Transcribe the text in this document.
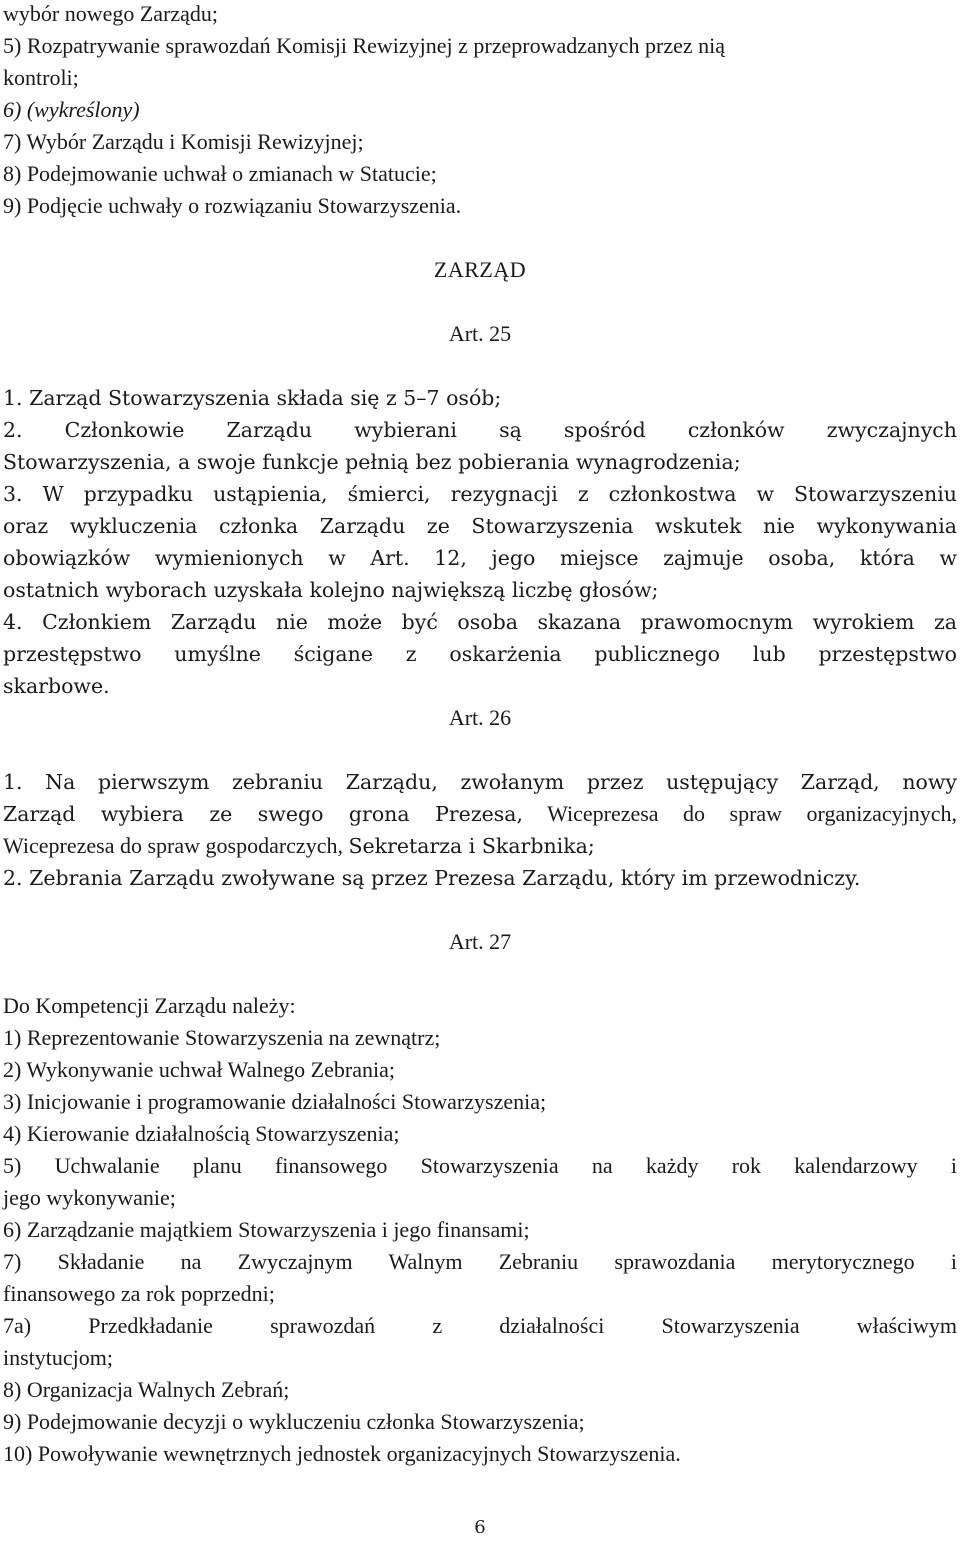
wybór nowego Zarządu;
5) Rozpatrywanie sprawozdań Komisji Rewizyjnej z przeprowadzanych przez nią
kontroli;
6) (wykreślony)
7) Wybór Zarządu i Komisji Rewizyjnej;
8) Podejmowanie uchwał o zmianach w Statucie;
9) Podjęcie uchwały o rozwiązaniu Stowarzyszenia.
ZARZĄD
Art. 25
1. Zarząd Stowarzyszenia składa się z 5–7 osób;
2. Członkowie Zarządu wybierani są spośród członków zwyczajnych
Stowarzyszenia, a swoje funkcje pełnią bez pobierania wynagrodzenia;
3. W przypadku ustąpienia, śmierci, rezygnacji z członkostwa w Stowarzyszeniu
oraz wykluczenia członka Zarządu ze Stowarzyszenia wskutek nie wykonywania
obowiązków wymienionych w Art. 12, jego miejsce zajmuje osoba, która w
ostatnich wyborach uzyskała kolejno największą liczbę głosów;
4. Członkiem Zarządu nie może być osoba skazana prawomocnym wyrokiem za
przestępstwo umyślne ścigane z oskarżenia publicznego lub przestępstwo
skarbowe.
Art. 26
1. Na pierwszym zebraniu Zarządu, zwołanym przez ustępujący Zarząd, nowy
Zarząd wybiera ze swego grona Prezesa, Wiceprezesa do spraw organizacyjnych,
Wiceprezesa do spraw gospodarczych, Sekretarza i Skarbnika;
2. Zebrania Zarządu zwoływane są przez Prezesa Zarządu, który im przewodniczy.
Art. 27
Do Kompetencji Zarządu należy:
1) Reprezentowanie Stowarzyszenia na zewnątrz;
2) Wykonywanie uchwał Walnego Zebrania;
3) Inicjowanie i programowanie działalności Stowarzyszenia;
4) Kierowanie działalnością Stowarzyszenia;
5) Uchwalanie planu finansowego Stowarzyszenia na każdy rok kalendarzowy i
jego wykonywanie;
6) Zarządzanie majątkiem Stowarzyszenia i jego finansami;
7) Składanie na Zwyczajnym Walnym Zebraniu sprawozdania merytorycznego i
finansowego za rok poprzedni;
7a) Przedkładanie sprawozdań z działalności Stowarzyszenia właściwym
instytucjom;
8) Organizacja Walnych Zebrań;
9) Podejmowanie decyzji o wykluczeniu członka Stowarzyszenia;
10) Powoływanie wewnętrznych jednostek organizacyjnych Stowarzyszenia.
6
